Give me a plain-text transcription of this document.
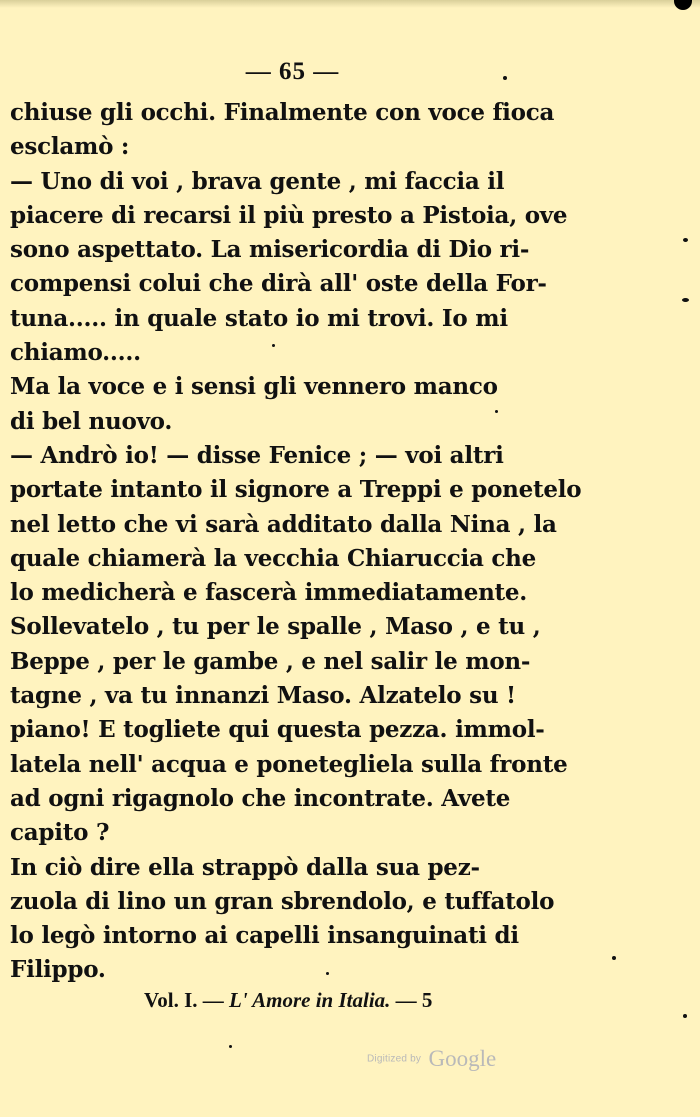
— 65 —
chiuse gli occhi. Finalmente con voce fioca
esclamò :
— Uno di voi , brava gente , mi faccia il
piacere di recarsi il più presto a Pistoia, ove
sono aspettato. La misericordia di Dio ri-
compensi colui che dirà all' oste della For-
tuna..... in quale stato io mi trovi. Io mi
chiamo.....
Ma la voce e i sensi gli vennero manco
di bel nuovo.
— Andrò io! — disse Fenice ; — voi altri
portate intanto il signore a Treppi e ponetelo
nel letto che vi sarà additato dalla Nina , la
quale chiamerà la vecchia Chiaruccia che
lo medicherà e fascerà immediatamente.
Sollevatelo , tu per le spalle , Maso , e tu ,
Beppe , per le gambe , e nel salir le mon-
tagne , va tu innanzi Maso. Alzatelo su !
piano! E togliete qui questa pezza. immol-
latela nell' acqua e ponetegliela sulla fronte
ad ogni rigagnolo che incontrate. Avete
capito ?
In ciò dire ella strappò dalla sua pez-
zuola di lino un gran sbrendolo, e tuffatolo
lo legò intorno ai capelli insanguinati di
Filippo.
Vol. I. — L' Amore in Italia. — 5
Digitized by Google
